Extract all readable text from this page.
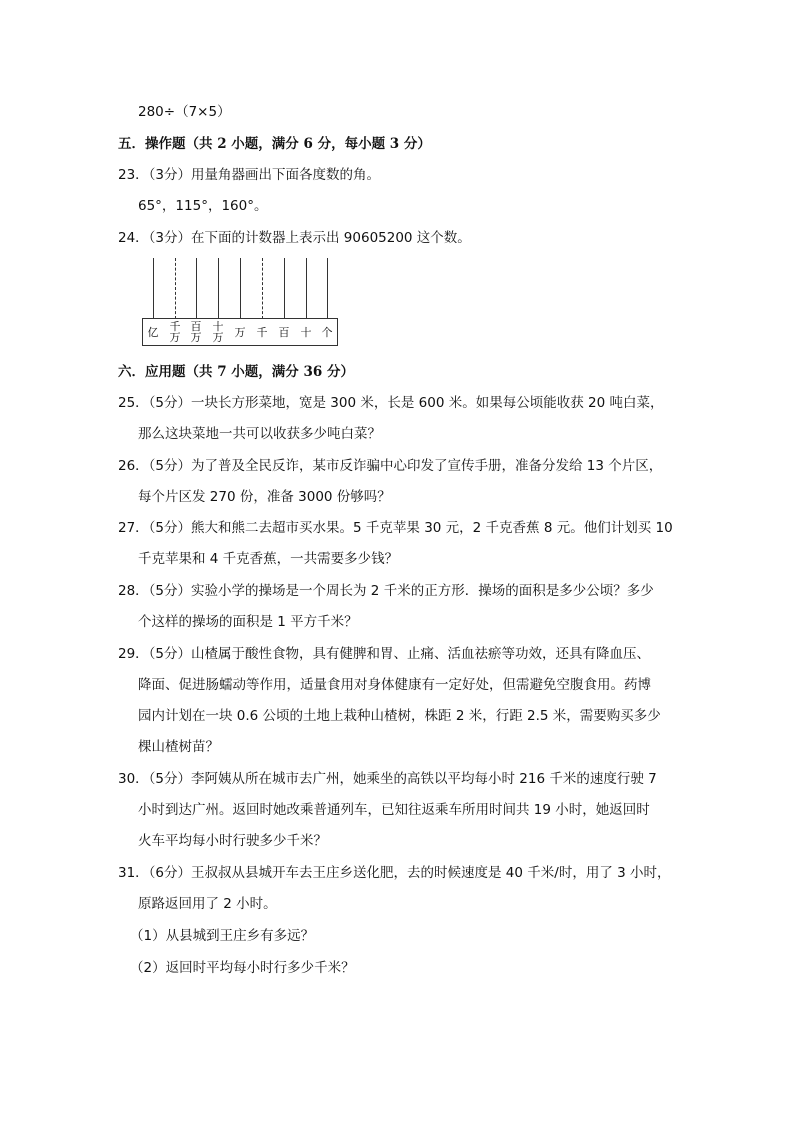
280÷（7×5）
五．操作题（共 2 小题，满分 6 分，每小题 3 分）
23．（3分）用量角器画出下面各度数的角。
65°，115°，160°。
24．（3分）在下面的计数器上表示出 90605200 这个数。
亿	千
万
百
万
十
万	万	千	百	十 个
六．应用题（共 7 小题，满分 36 分）
25．（5分）一块长方形菜地，宽是 300 米，长是 600 米。如果每公顷能收获 20 吨白菜，
那么这块菜地一共可以收获多少吨白菜？
26．（5分）为了普及全民反诈，某市反诈骗中心印发了宣传手册，准备分发给 13 个片区，
每个片区发 270 份，准备 3000 份够吗？
27．（5分）熊大和熊二去超市买水果。5 千克苹果 30 元，2 千克香蕉 8 元。他们计划买 10
千克苹果和 4 千克香蕉，一共需要多少钱？
28．（5分）实验小学的操场是一个周长为 2 千米的正方形．操场的面积是多少公顷？多少
个这样的操场的面积是 1 平方千米？
29．（5分）山楂属于酸性食物，具有健脾和胃、止痛、活血祛瘀等功效，还具有降血压、
降面、促进肠蠕动等作用，适量食用对身体健康有一定好处，但需避免空腹食用。药博
园内计划在一块 0.6 公顷的土地上栽种山楂树，株距 2 米，行距 2.5 米，需要购买多少
棵山楂树苗？
30．（5分）李阿姨从所在城市去广州，她乘坐的高铁以平均每小时 216 千米的速度行驶 7
小时到达广州。返回时她改乘普通列车，已知往返乘车所用时间共 19 小时，她返回时
火车平均每小时行驶多少千米？
31．（6分）王叔叔从县城开车去王庄乡送化肥，去的时候速度是 40 千米/时，用了 3 小时，
原路返回用了 2 小时。
（1）从县城到王庄乡有多远？
（2）返回时平均每小时行多少千米？
